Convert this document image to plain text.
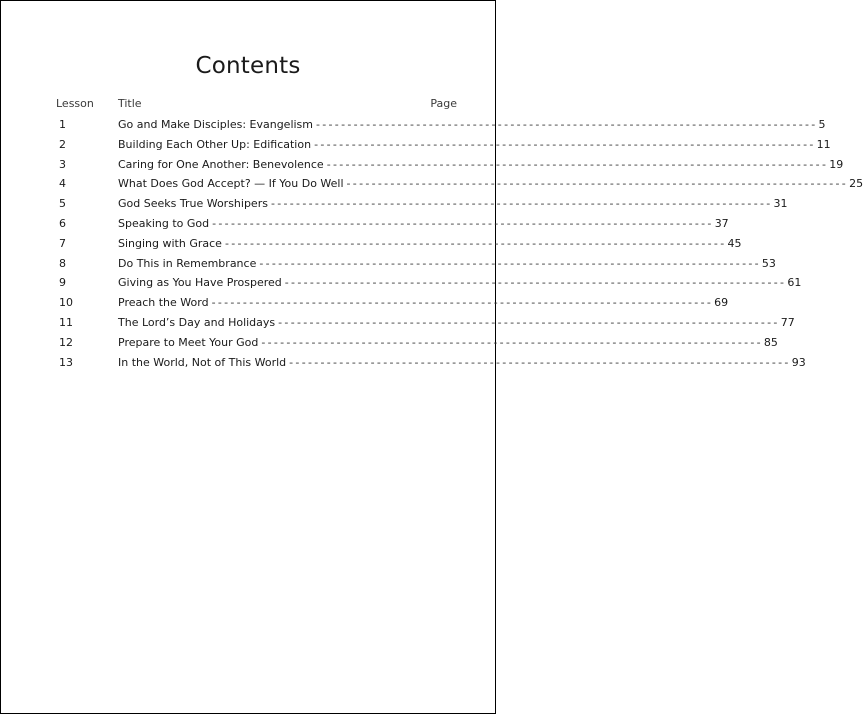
Contents
Lesson Title	Page
1	Go and Make Disciples: Evangelism -------------------------------------------------------------------------------- 5
2	Building Each Other Up: Edification -------------------------------------------------------------------------------- 11
3	Caring for One Another: Benevolence -------------------------------------------------------------------------------- 19
4	What Does God Accept? — If You Do Well -------------------------------------------------------------------------------- 25
5	God Seeks True Worshipers -------------------------------------------------------------------------------- 31
6	Speaking to God -------------------------------------------------------------------------------- 37
7	Singing with Grace -------------------------------------------------------------------------------- 45
8	Do This in Remembrance -------------------------------------------------------------------------------- 53
9	Giving as You Have Prospered -------------------------------------------------------------------------------- 61
10	Preach the Word -------------------------------------------------------------------------------- 69
11	The Lord’s Day and Holidays -------------------------------------------------------------------------------- 77
12	Prepare to Meet Your God -------------------------------------------------------------------------------- 85
13	In the World, Not of This World -------------------------------------------------------------------------------- 93
